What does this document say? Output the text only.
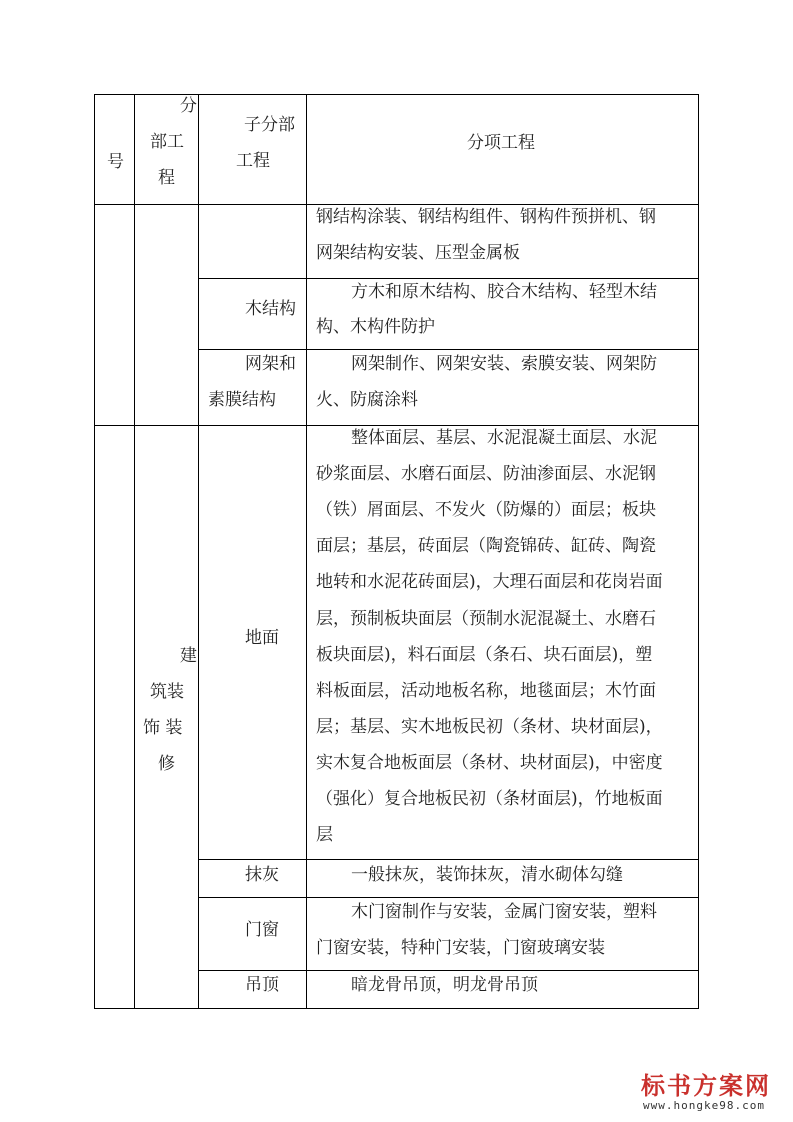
号
分
部工
程
子分部
工程
分项工程
钢结构涂装、钢结构组件、钢构件预拼机、钢
网架结构安装、压型金属板
木结构
方木和原木结构、胶合木结构、轻型木结
构、木构件防护
网架和
素膜结构
网架制作、网架安装、索膜安装、网架防
火、防腐涂料
建
筑装
饰 装
修
地面
整体面层、基层、水泥混凝土面层、水泥
砂浆面层、水磨石面层、防油渗面层、水泥钢
（铁）屑面层、不发火（防爆的）面层；板块
面层；基层，砖面层（陶瓷锦砖、缸砖、陶瓷
地转和水泥花砖面层)，大理石面层和花岗岩面
层，预制板块面层（预制水泥混凝土、水磨石
板块面层)，料石面层（条石、块石面层)，塑
料板面层，活动地板名称，地毯面层；木竹面
层；基层、实木地板民初（条材、块材面层)，
实木复合地板面层（条材、块材面层)，中密度
（强化）复合地板民初（条材面层)，竹地板面
层
抹灰	一般抹灰，装饰抹灰，清水砌体勾缝
门窗
木门窗制作与安装，金属门窗安装，塑料
门窗安装，特种门安装，门窗玻璃安装
吊顶	暗龙骨吊顶，明龙骨吊顶
标书方案网
www.hongke98.com
